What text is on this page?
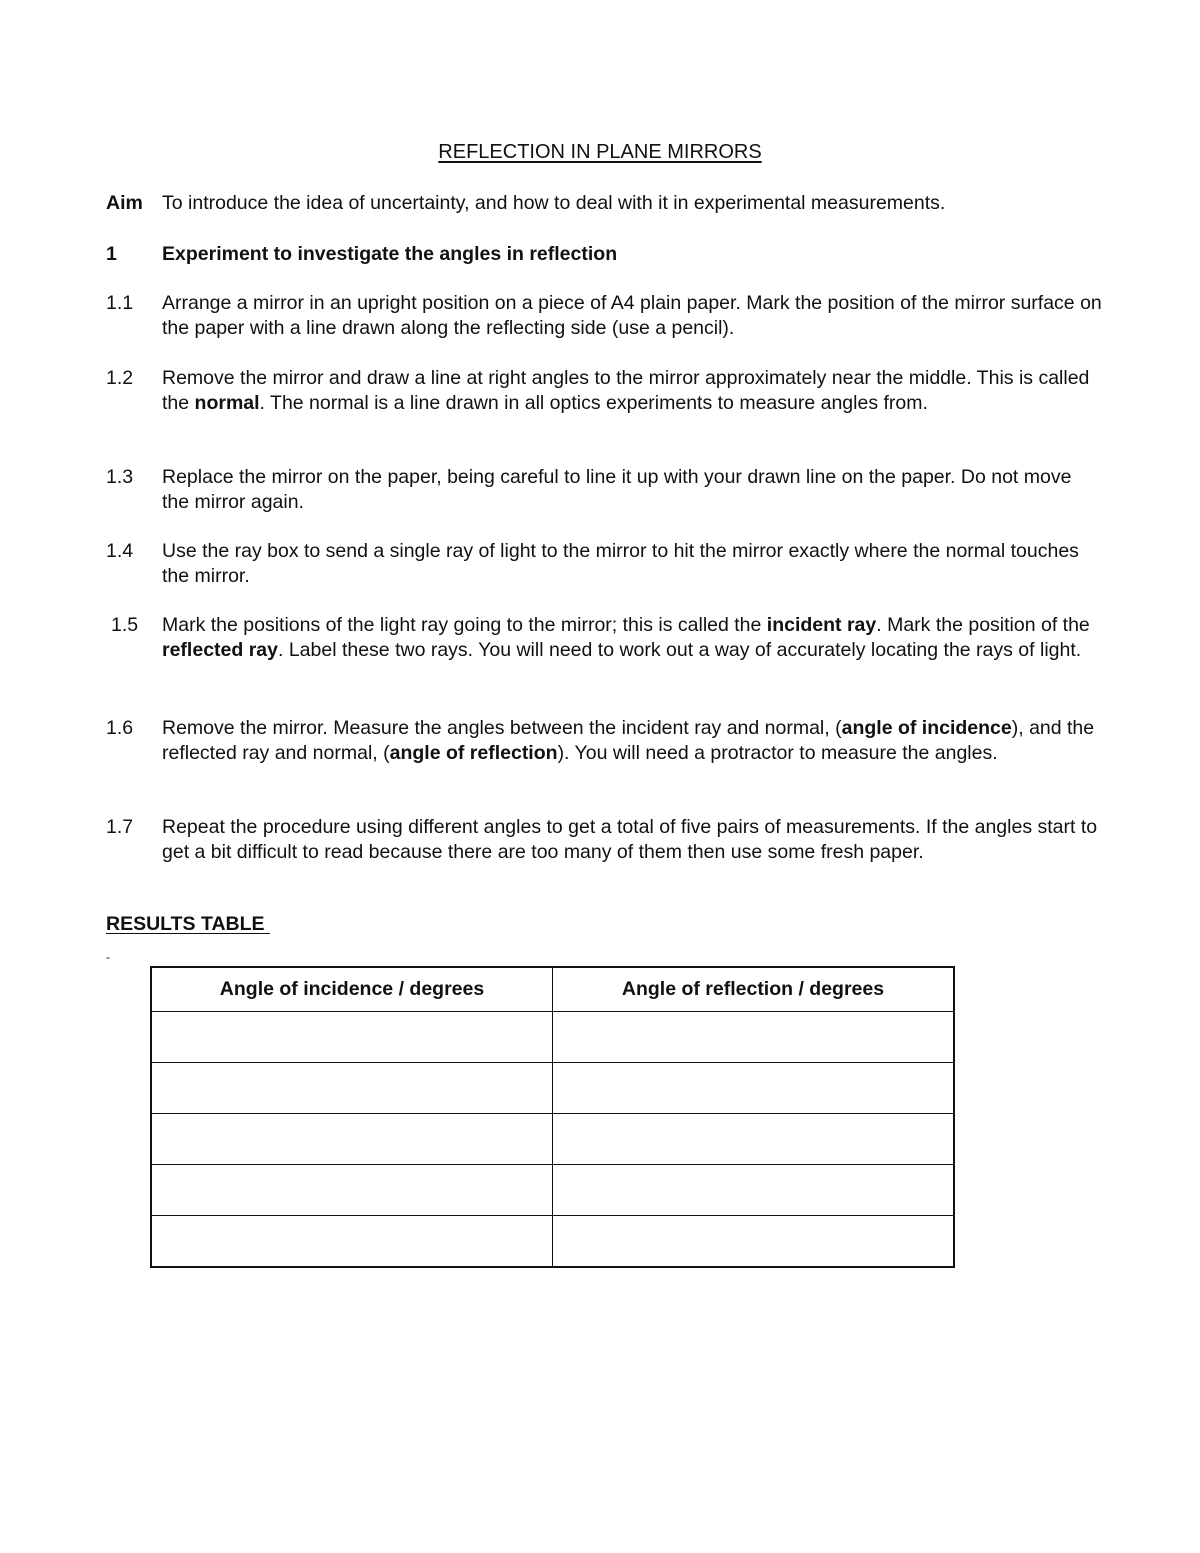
REFLECTION IN PLANE MIRRORS
Aim To introduce the idea of uncertainty, and how to deal with it in experimental measurements.
1	Experiment to investigate the angles in reflection
1.1	Arrange a mirror in an upright position on a piece of A4 plain paper. Mark the position of the mirror surface on the paper with a line drawn along the reflecting side (use a pencil).
1.2	Remove the mirror and draw a line at right angles to the mirror approximately near the middle. This is called the normal. The normal is a line drawn in all optics experiments to measure angles from.
1.3	Replace the mirror on the paper, being careful to line it up with your drawn line on the paper. Do not move the mirror again.
1.4	Use the ray box to send a single ray of light to the mirror to hit the mirror exactly where the normal touches the mirror.
1.5	Mark the positions of the light ray going to the mirror; this is called the incident ray. Mark the position of the reflected ray. Label these two rays. You will need to work out a way of accurately locating the rays of light.
1.6	Remove the mirror. Measure the angles between the incident ray and normal, (angle of incidence), and the reflected ray and normal, (angle of reflection). You will need a protractor to measure the angles.
1.7	Repeat the procedure using different angles to get a total of five pairs of measurements. If the angles start to get a bit difficult to read because there are too many of them then use some fresh paper.
RESULTS TABLE
-
Angle of incidence / degrees	Angle of reflection / degrees
